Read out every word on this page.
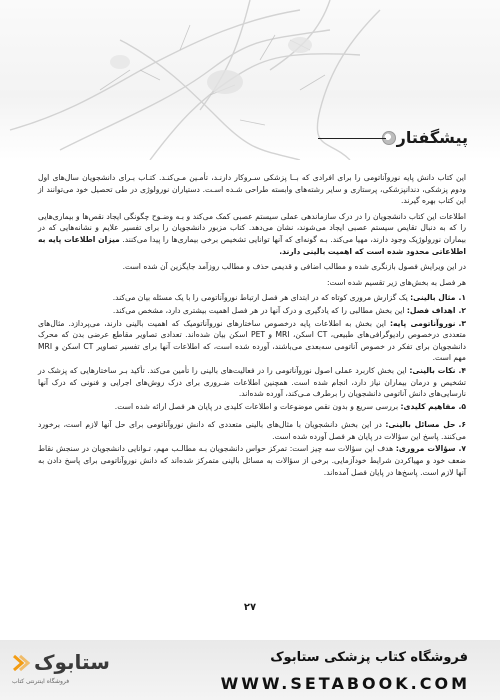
پیشگفتار

این کتاب دانش پایه نوروآناتومی را برای افرادی که بــا پزشکی سـروکار دارنـد، تأمـین مـی‌کنـد. کتـاب بـرای دانشجویان سال‌های اول ودوم پزشکی، دندانپزشکی، پرستاری و سایر رشته‌های وابسته طراحی شـده اسـت. دستیاران نورولوژی در طی تحصیل خود می‌توانند از این کتاب بهره گیرند.

اطلاعات این کتاب دانشجویان را در درک سازماندهی عملی سیستم عصبی کمک می‌کند و بـه وضـوح چگونگی ایجاد نقص‌ها و بیماری‌هایی را که به دنبال تقایص سیستم عصبی ایجاد می‌شوند، نشان می‌دهد. کتاب مزبور دانشجویان را برای تفسیر علایم و نشانه‌هایی که در بیماران نورولوژیک وجود دارند، مهیا می‌کند. بـه گونه‌ای که آنها توانایی تشخیص برخی بیماری‌ها را پیدا می‌کنند. میزان اطلاعات پایه به اطلاعاتی محدود شده است که اهمیت بالینی دارند.

در این ویرایش فصول بازنگری شده و مطالب اضافی و قدیمی حذف و مطالب روزآمد جایگزین آن شده است.

هر فصل به بخش‌های زیر تقسیم شده است:

۱.مثال بالینی: یک گزارش مروری کوتاه که در ابتدای هر فصل ارتباط نوروآناتومی را با یک مسئله بیان می‌کند.

۲.اهداف فصل: این بخش مطالبی را که یادگیری و درک آنها در هر فصل اهمیت بیشتری دارد، مشخص می‌کند.

۳.نوروآناتومی پایه: این بخش به اطلاعات پایه درخصوص ساختارهای نوروآناتومیک که اهمیت بالینی دارند، می‌پردازد. مثال‌های متعددی درخصوص رادیوگرافی‌های طبیعی، CT اسکن، MRI و PET اسکن بیان شده‌اند. تعدادی تصاویر مقاطع عرضی بدن که محرک دانشجویان برای تفکر در خصوص آناتومی سه‌بعدی می‌باشند، آورده شده است، که اطلاعات آنها برای تفسیر تصاویر CT اسکن و MRI مهم است.

۴.نکات بالینی: این بخش کاربرد عملی اصول نوروآناتومی را در فعالیت‌های بالینی را تأمین می‌کند. تأکید بـر ساختارهایی که پزشک در تشخیص و درمان بیماران نیاز دارد، انجام شده است. همچنین اطلاعات ضـروری برای درک روش‌های اجرایی و فنونی که درک آنها نارسایی‌های دانش آناتومی دانشجویان را برطرف مـی‌کند، آورده شده‌اند.

۵.مفاهیم کلیدی: بررسی سریع و بدون نقص موضوعات و اطلاعات کلیدی در پایان هر فصل ارائه شده است.

۶.حل مسائل بالینی: در این بخش دانشجویان با مثال‌های بالینی متعددی که دانش نوروآناتومی برای حل آنها لازم است، برخورد می‌کنند. پاسخ این سؤالات در پایان هر فصل آورده شده است.

۷.سؤالات مروری: هدف این سؤالات سه چیز است: تمرکز حواس دانشجویان بـه مطالـب مهم، تـوانایی دانشجویان در سنجش نقاط ضعف خود و مهیاکردن شرایط خودآزمایی. برخی از سؤالات به مسائل بالینی متمرکز شده‌اند که دانش نوروآناتومی برای پاسخ دادن به آنها لازم است. پاسخ‌ها در پایان فصل آمده‌اند.

۲۷
ستابوک
فروشگاه اینترنتی کتاب
فروشگاه کتاب پزشکی ستابوک
WWW.SETABOOK.COM
